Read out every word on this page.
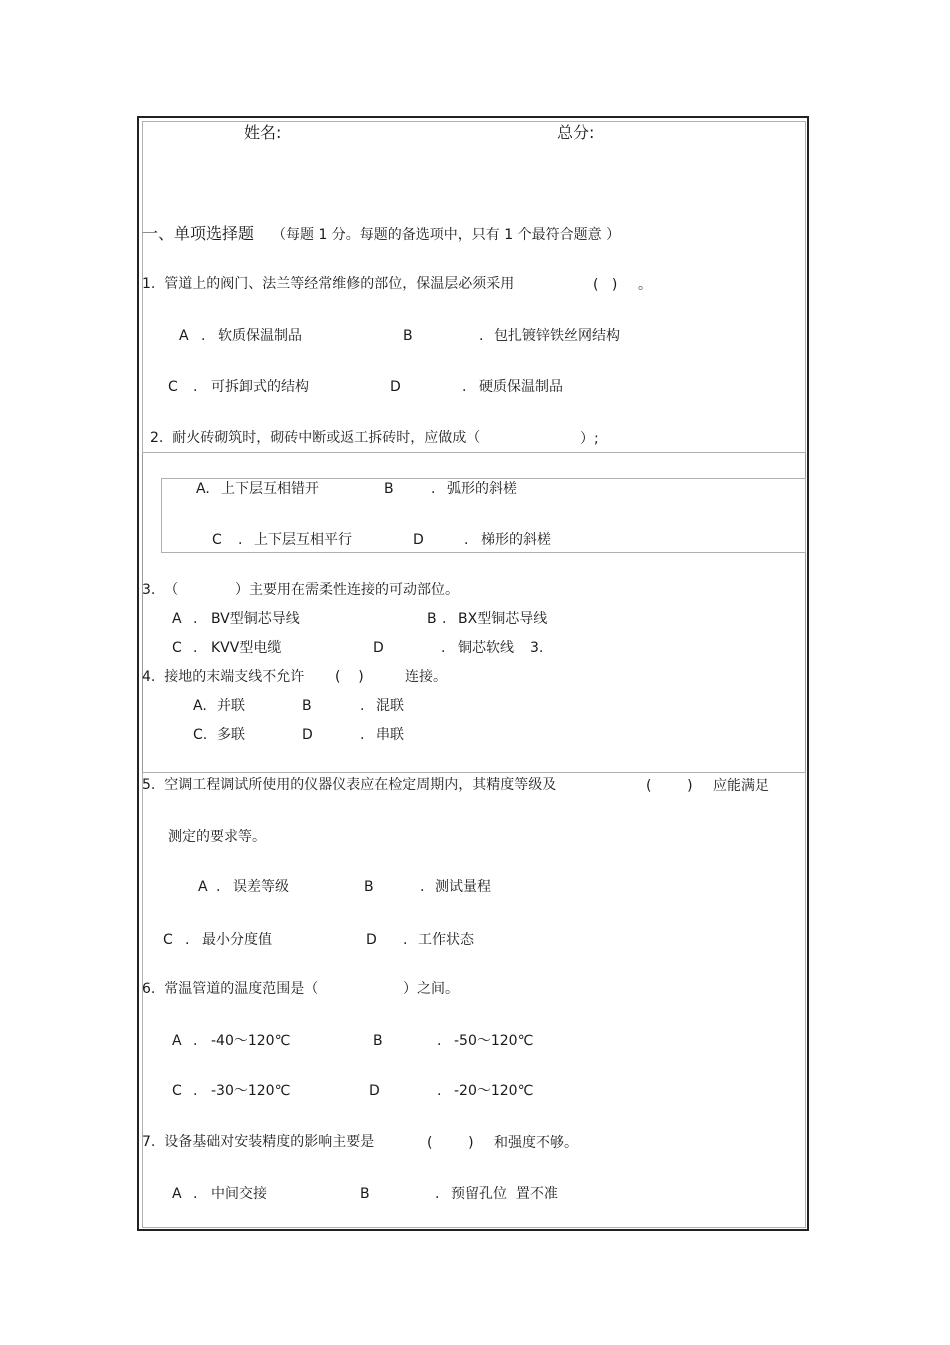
姓名:	总分:
一、单项选择题 （每题 1 分。每题的备选项中，只有 1 个最符合题意 ）
1.  管道上的阀门、法兰等经常维修的部位，保温层必须采用	(   ) 。
A . 软质保温制品	B	. 包扎镀锌铁丝网结构
C . 可拆卸式的结构	D	. 硬质保温制品
2.  耐火砖砌筑时，砌砖中断或返工拆砖时，应做成（	）;
A. 上下层互相错开	B	. 弧形的斜槎
C . 上下层互相平行	D	. 梯形的斜槎
3.  （	）主要用在需柔性连接的可动部位。
A . BV型铜芯导线	B . BX型铜芯导线
C . KVV型电缆	D	. 铜芯软线 3.
4.  接地的末端支线不允许 (    )	连接。
A. 并联	B	. 混联
C. 多联	D	. 串联
5.  空调工程调试所使用的仪器仪表应在检定周期内，其精度等级及	(        ) 应能满足
测定的要求等。
A . 误差等级	B	. 测试量程
C . 最小分度值	D . 工作状态
6.  常温管道的温度范围是（	）之间。
A . -40～120℃	B	. -50～120℃
C . -30～120℃	D	. -20～120℃
7.  设备基础对安装精度的影响主要是	(        ) 和强度不够。
A . 中间交接	B	. 预留孔位  置不准
